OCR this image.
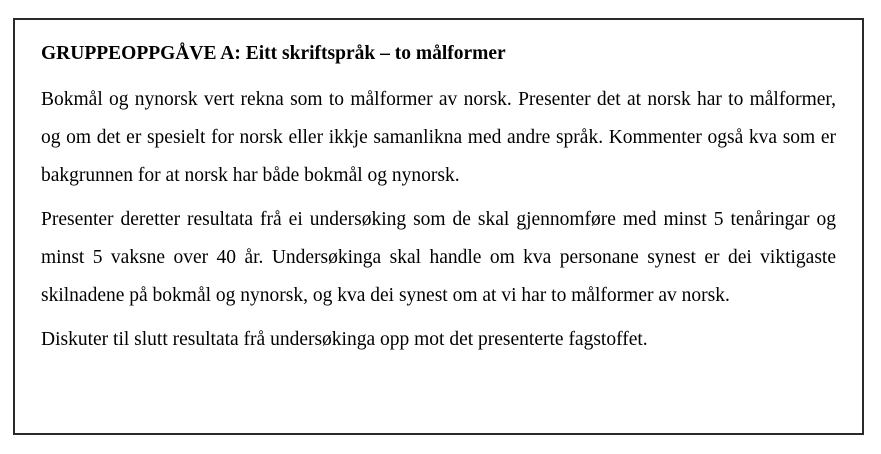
GRUPPEOPPGÅVE A: Eitt skriftspråk – to målformer

Bokmål og nynorsk vert rekna som to målformer av norsk. Presenter det at norsk har to målformer, og om det er spesielt for norsk eller ikkje samanlikna med andre språk. Kommenter også kva som er bakgrunnen for at norsk har både bokmål og nynorsk.

Presenter deretter resultata frå ei undersøking som de skal gjennomføre med minst 5 tenåringar og minst 5 vaksne over 40 år. Undersøkinga skal handle om kva personane synest er dei viktigaste skilnadene på bokmål og nynorsk, og kva dei synest om at vi har to målformer av norsk.

Diskuter til slutt resultata frå undersøkinga opp mot det presenterte fagstoffet.
